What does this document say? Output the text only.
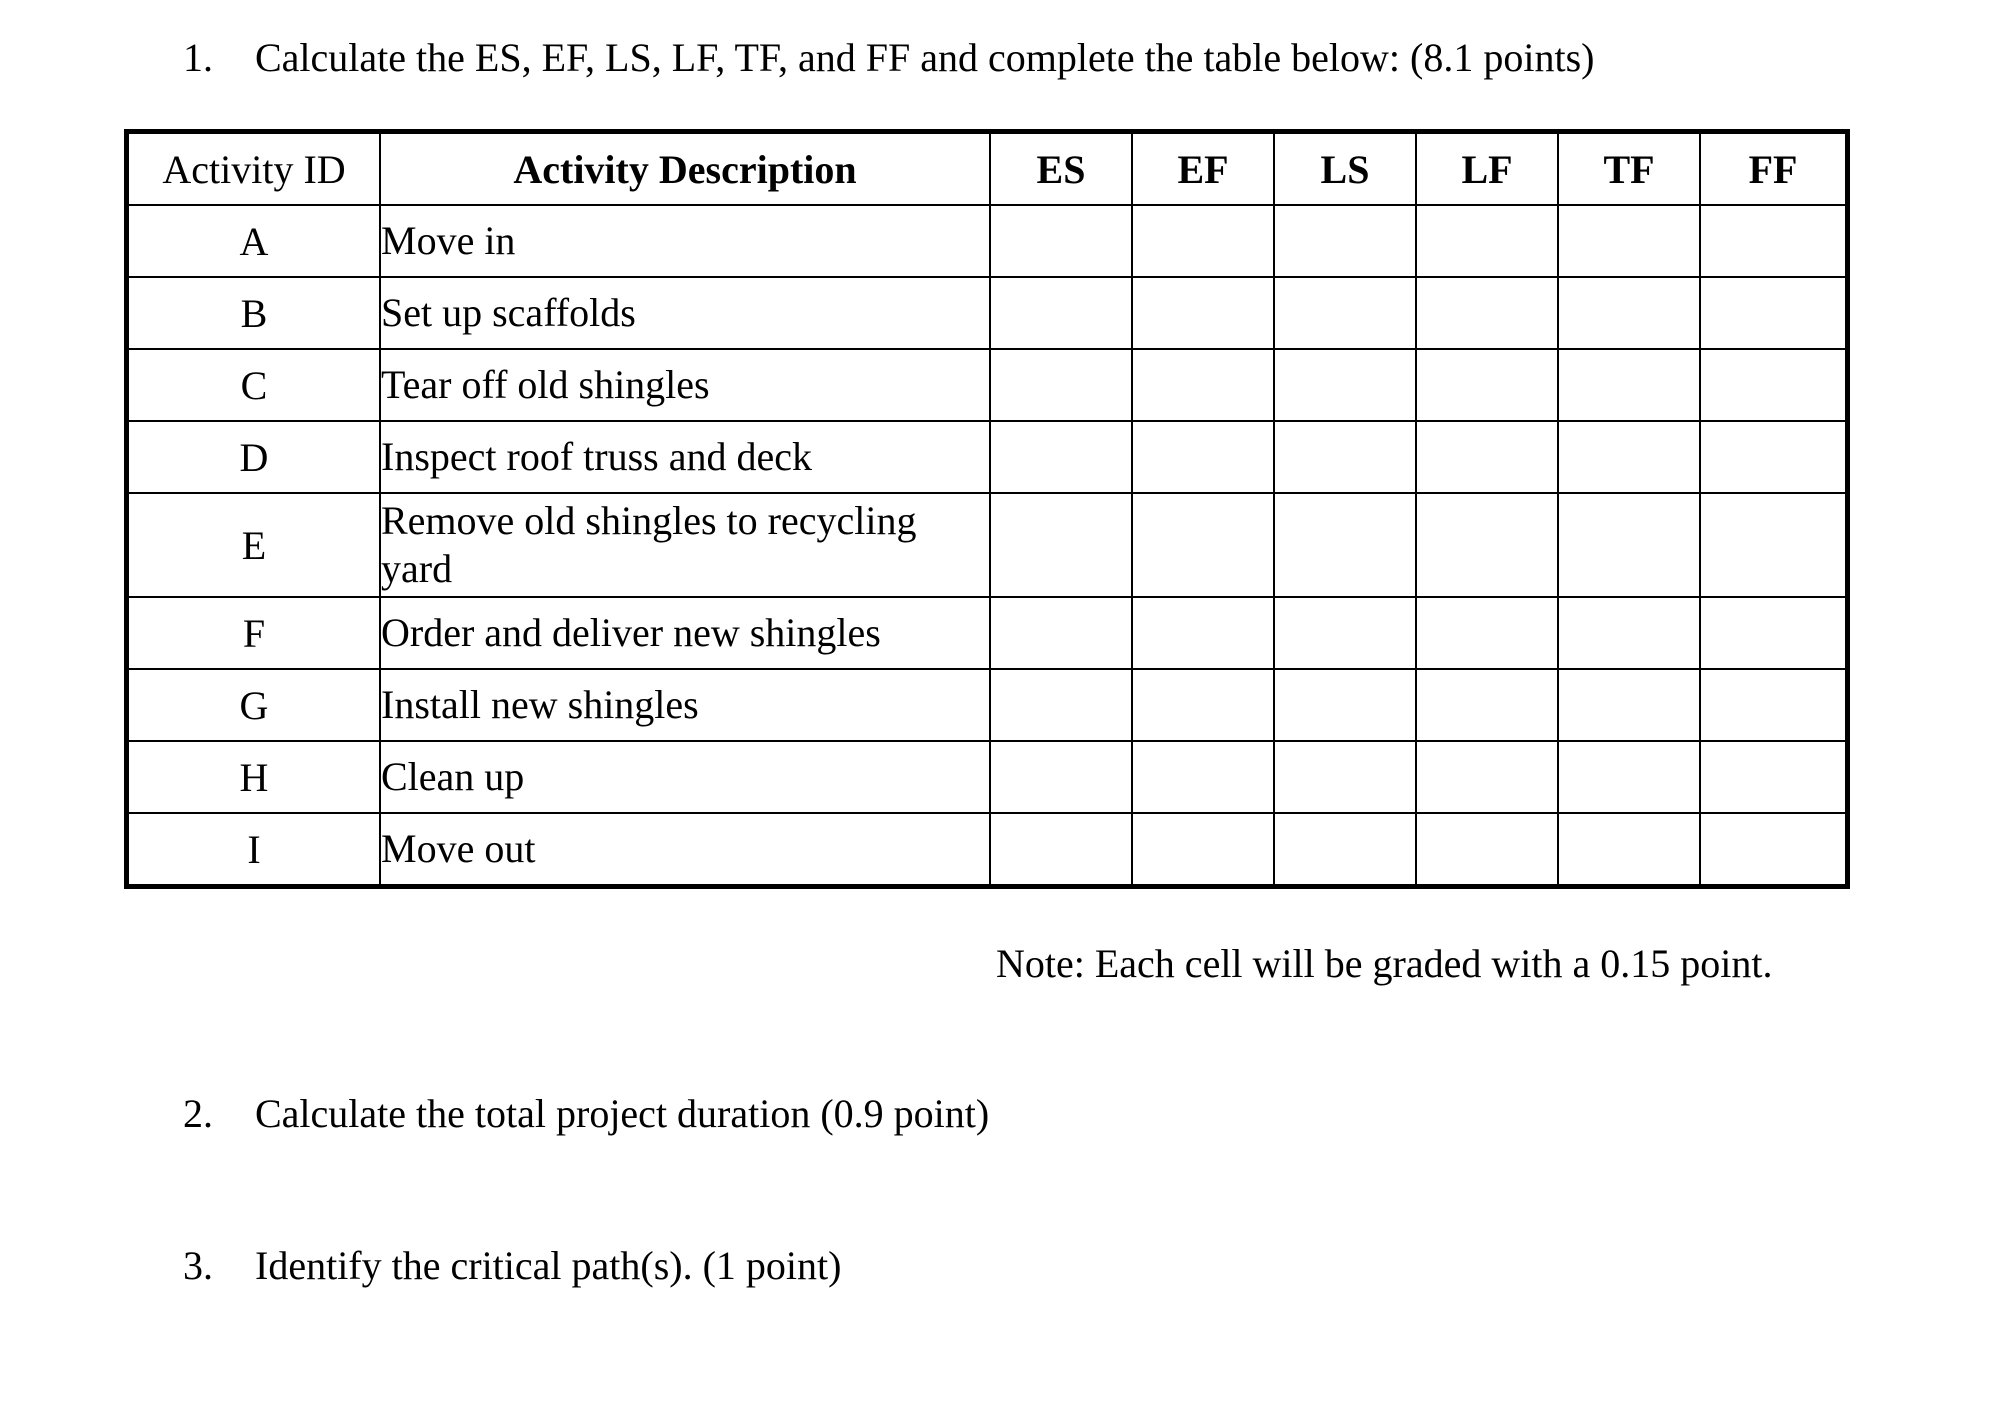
1. Calculate the ES, EF, LS, LF, TF, and FF and complete the table below: (8.1 points)
Activity ID	Activity Description	ES	EF	LS	LF	TF	FF
A	Move in						
B	Set up scaffolds						
C	Tear off old shingles						
D	Inspect roof truss and deck						
E	Remove old shingles to recycling yard						
F	Order and deliver new shingles						
G	Install new shingles						
H	Clean up						
I	Move out						
Note: Each cell will be graded with a 0.15 point.
2. Calculate the total project duration (0.9 point)
3. Identify the critical path(s). (1 point)
